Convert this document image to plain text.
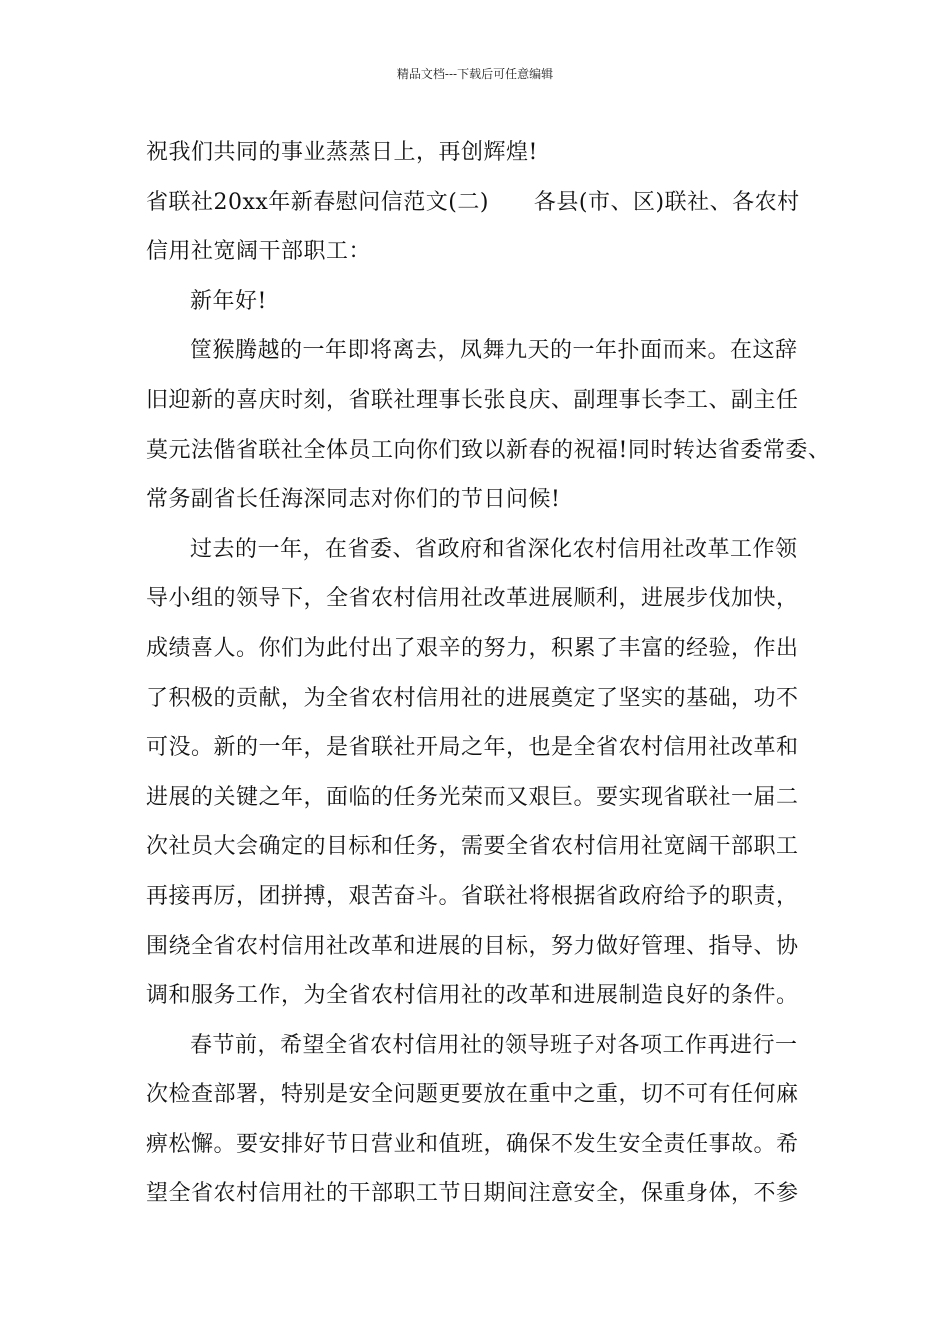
精品文档---下载后可任意编辑
祝我们共同的事业蒸蒸日上，再创辉煌!
省联社20xx年新春慰问信范文(二)      各县(市、区)联社、各农村
信用社宽阔干部职工：
新年好!
筐猴腾越的一年即将离去，凤舞九天的一年扑面而来。在这辞
旧迎新的喜庆时刻，省联社理事长张良庆、副理事长李工、副主任
莫元法偕省联社全体员工向你们致以新春的祝福!同时转达省委常委、
常务副省长任海深同志对你们的节日问候!
过去的一年，在省委、省政府和省深化农村信用社改革工作领
导小组的领导下，全省农村信用社改革进展顺利，进展步伐加快，
成绩喜人。你们为此付出了艰辛的努力，积累了丰富的经验，作出
了积极的贡献，为全省农村信用社的进展奠定了坚实的基础，功不
可没。新的一年，是省联社开局之年，也是全省农村信用社改革和
进展的关键之年，面临的任务光荣而又艰巨。要实现省联社一届二
次社员大会确定的目标和任务，需要全省农村信用社宽阔干部职工
再接再厉，团拼搏，艰苦奋斗。省联社将根据省政府给予的职责，
围绕全省农村信用社改革和进展的目标，努力做好管理、指导、协
调和服务工作，为全省农村信用社的改革和进展制造良好的条件。
春节前，希望全省农村信用社的领导班子对各项工作再进行一
次检查部署，特别是安全问题更要放在重中之重，切不可有任何麻
痹松懈。要安排好节日营业和值班，确保不发生安全责任事故。希
望全省农村信用社的干部职工节日期间注意安全，保重身体，不参
